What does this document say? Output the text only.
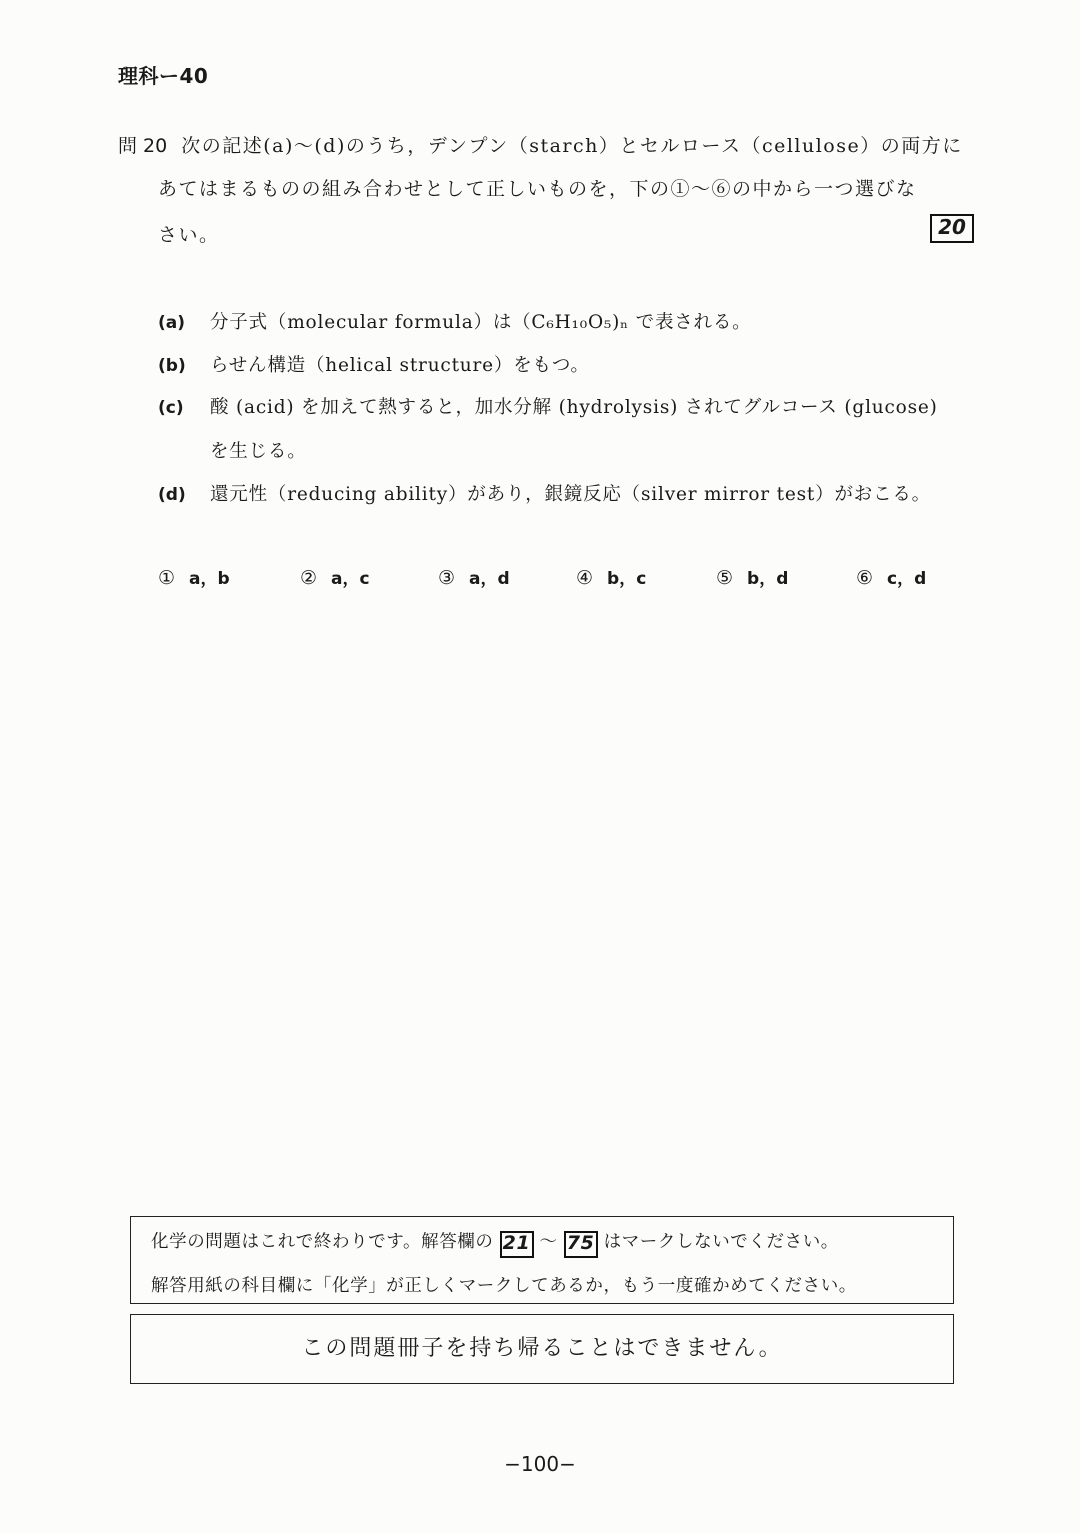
理科ー40
問 20 次の記述(a)〜(d)のうち，デンプン（starch）とセルロース（cellulose）の両方に
あてはまるものの組み合わせとして正しいものを，下の①〜⑥の中から一つ選びな
さい。	20
(a) 分子式（molecular formula）は（C₆H₁₀O₅)ₙ で表される。
(b) らせん構造（helical structure）をもつ。
(c) 酸 (acid) を加えて熱すると，加水分解 (hydrolysis) されてグルコース (glucose)
を生じる。
(d) 還元性（reducing ability）があり，銀鏡反応（silver mirror test）がおこる。
① a，b	② a，c	③ a，d	④ b，c	⑤ b，d	⑥ c，d
化学の問題はこれで終わりです。解答欄の 21 〜 75 はマークしないでください。
解答用紙の科目欄に「化学」が正しくマークしてあるか，もう一度確かめてください。
この問題冊子を持ち帰ることはできません。
−100−
